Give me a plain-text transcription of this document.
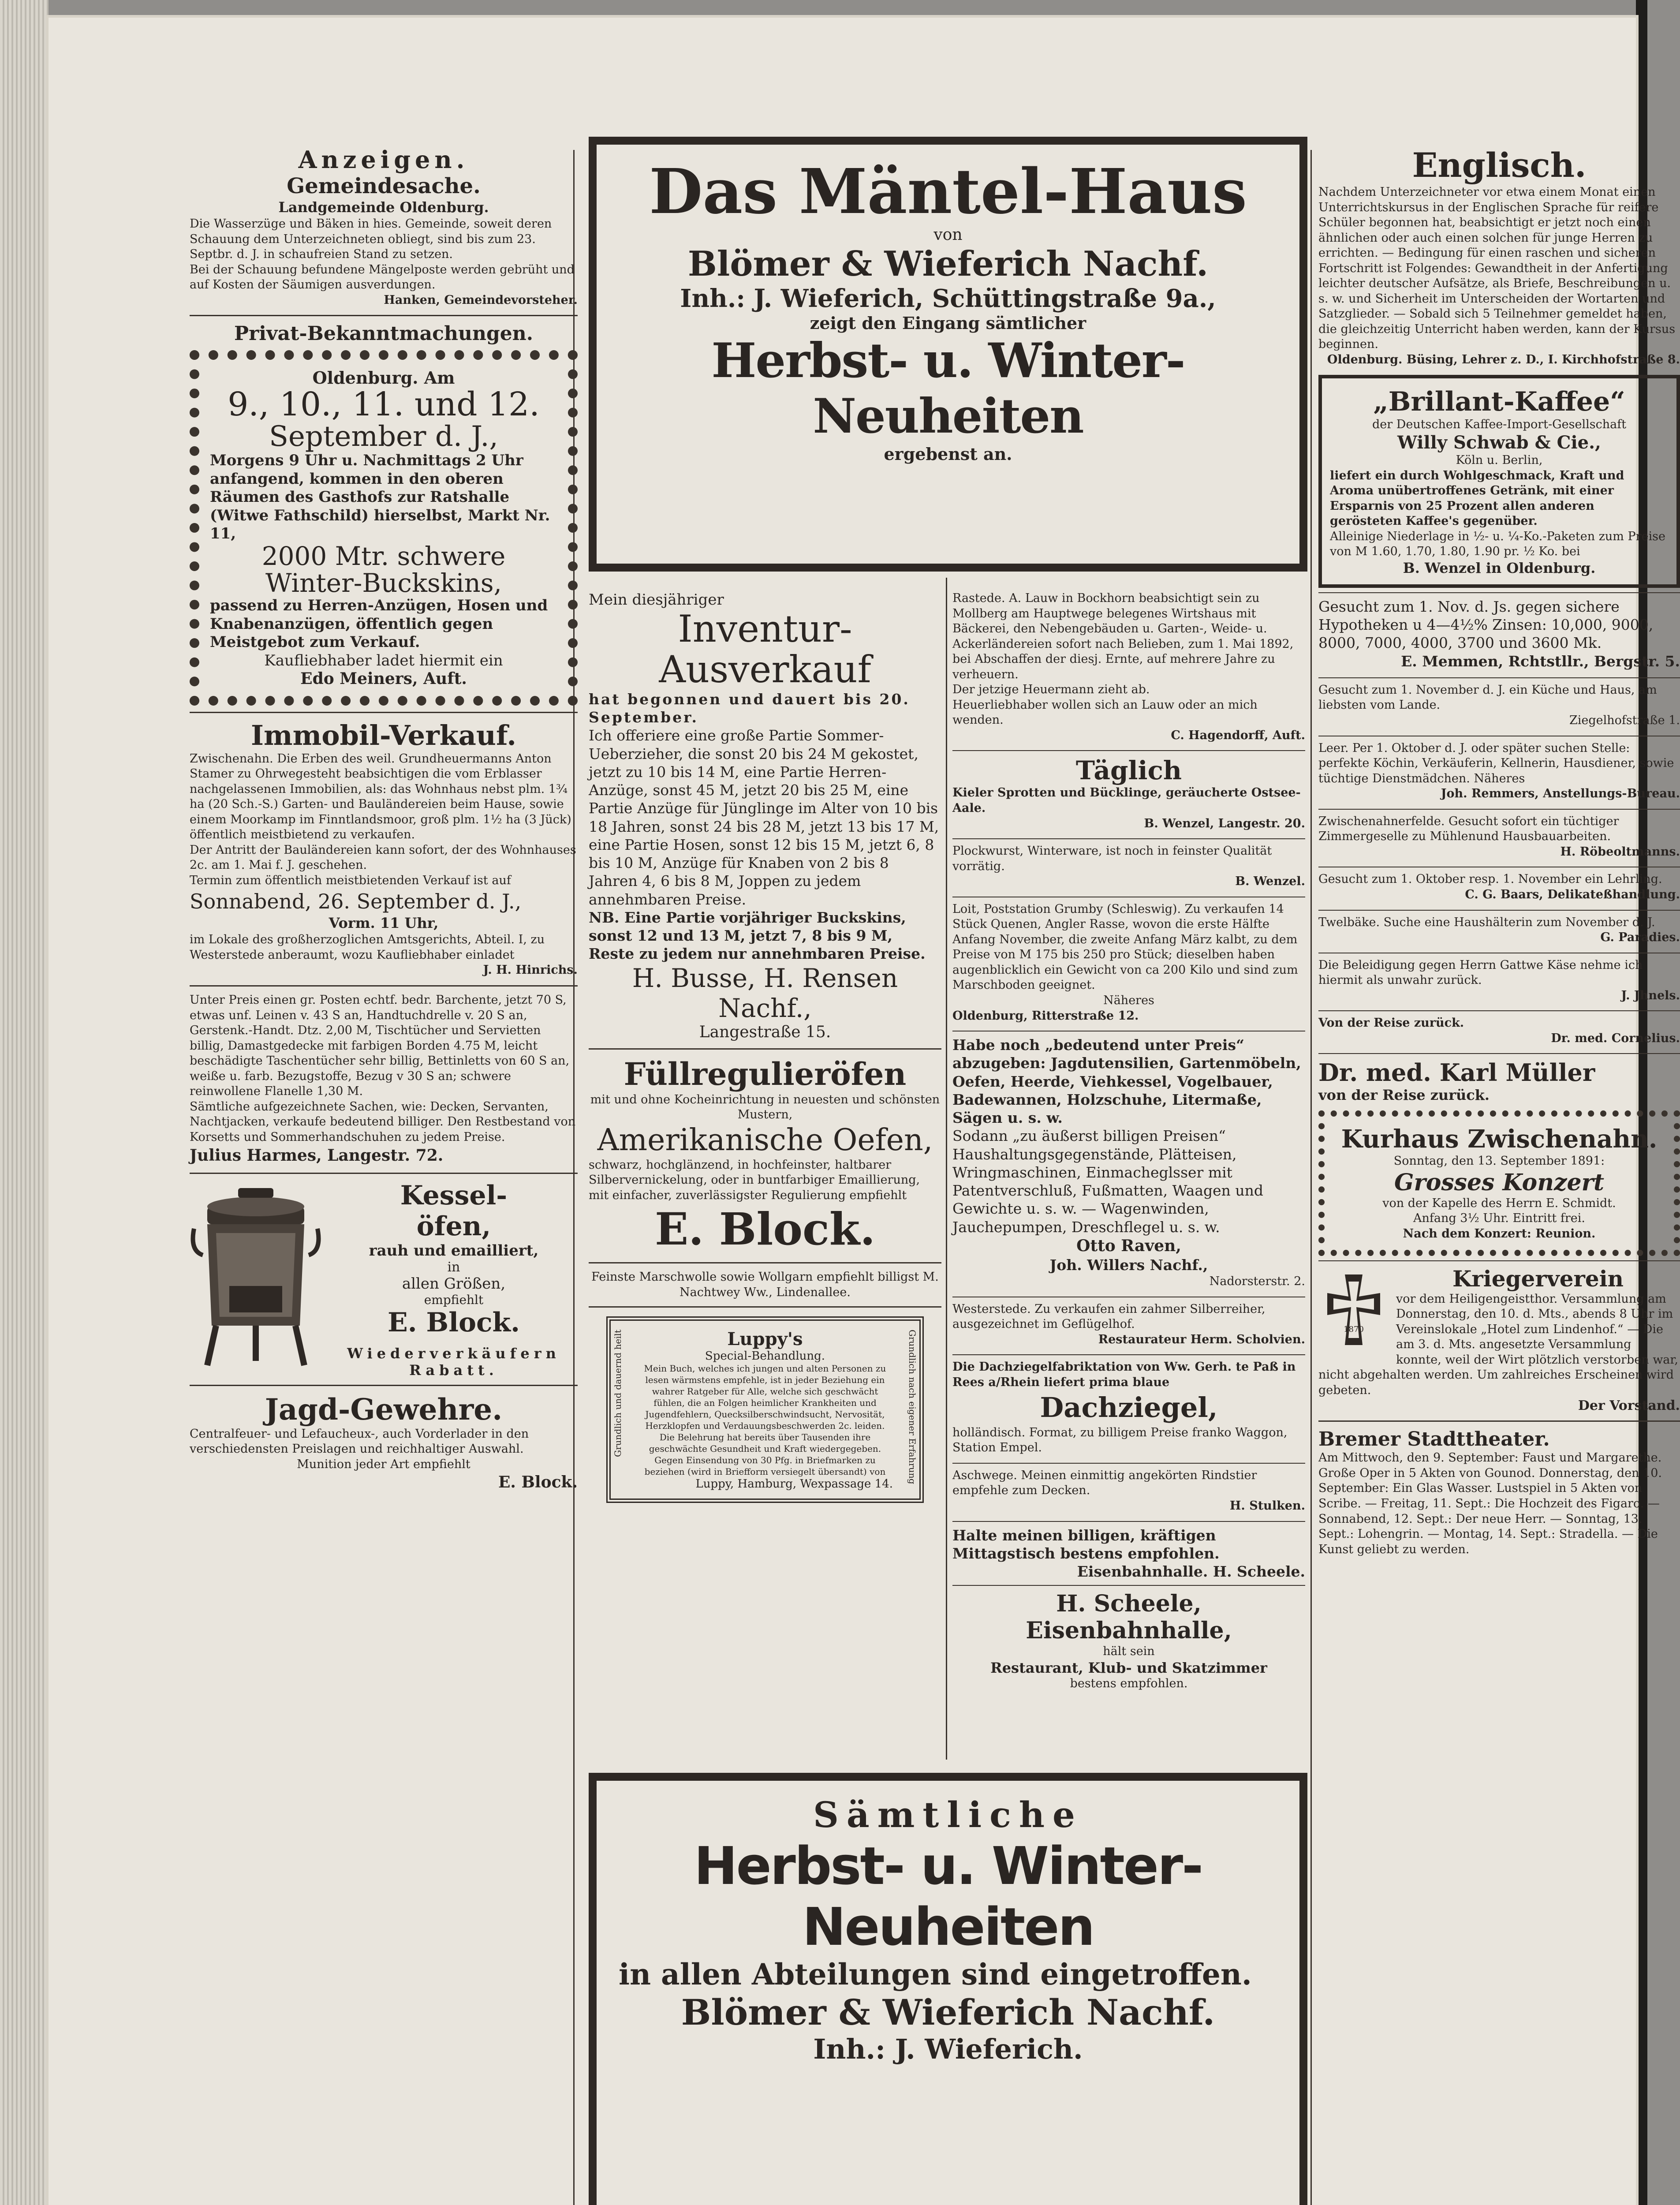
Anzeigen.
Gemeindesache.
Landgemeinde Oldenburg.
Die Wasserzüge und Bäken in hies. Gemeinde, soweit deren Schauung dem Unterzeichneten obliegt, sind bis zum 23. Septbr. d. J. in schaufreien Stand zu setzen.
Bei der Schauung befundene Mängelposte werden gebrüht und auf Kosten der Säumigen ausverdungen.
Hanken, Gemeindevorsteher.
Privat-Bekanntmachungen.
Oldenburg. Am
9., 10., 11. und 12.
September d. J.,
Morgens 9 Uhr u. Nachmittags 2 Uhr anfangend, kommen in den oberen Räumen des Gasthofs zur Ratshalle (Witwe Fathschild) hierselbst, Markt Nr. 11,
2000 Mtr. schwere
Winter-Buckskins,
passend zu Herren-Anzügen, Hosen und Knabenanzügen, öffentlich gegen Meistgebot zum Verkauf.
Kaufliebhaber ladet hiermit ein
Edo Meiners, Auft.
Immobil-Verkauf.
Zwischenahn. Die Erben des weil. Grundheuermanns Anton Stamer zu Ohrwegesteht beabsichtigen die vom Erblasser nachgelassenen Immobilien, als: das Wohnhaus nebst plm. 1¾ ha (20 Sch.-S.) Garten- und Bauländereien beim Hause, sowie einem Moorkamp im Finntlandsmoor, groß plm. 1½ ha (3 Jück) öffentlich meistbietend zu verkaufen.
Der Antritt der Bauländereien kann sofort, der des Wohnhauses 2c. am 1. Mai f. J. geschehen.
Termin zum öffentlich meistbietenden Verkauf ist auf
Sonnabend, 26. September d. J.,
Vorm. 11 Uhr,
im Lokale des großherzoglichen Amtsgerichts, Abteil. I, zu Westerstede anberaumt, wozu Kaufliebhaber einladet
J. H. Hinrichs.
Unter Preis einen gr. Posten echtf. bedr. Barchente, jetzt 70 S, etwas unf. Leinen v. 43 S an, Handtuchdrelle v. 20 S an, Gerstenk.-Handt. Dtz. 2,00 M, Tischtücher und Servietten billig, Damastgedecke mit farbigen Borden 4.75 M, leicht beschädigte Taschentücher sehr billig, Bettinletts von 60 S an, weiße u. farb. Bezugstoffe, Bezug v 30 S an; schwere reinwollene Flanelle 1,30 M.
Sämtliche aufgezeichnete Sachen, wie: Decken, Servanten, Nachtjacken, verkaufe bedeutend billiger. Den Restbestand von Korsetts und Sommerhandschuhen zu jedem Preise.
Julius Harmes, Langestr. 72.
Kessel-
öfen,
rauh und emailliert,
in
allen Größen,
empfiehlt
E. Block.
Wiederverkäufern Rabatt.
Jagd-Gewehre.
Centralfeuer- und Lefaucheux-, auch Vorderlader in den verschiedensten Preislagen und reichhaltiger Auswahl.
Munition jeder Art empfiehlt
E. Block.
Das Mäntel-Haus
von
Blömer & Wieferich Nachf.
Inh.: J. Wieferich, Schüttingstraße 9a.,
zeigt den Eingang sämtlicher
Herbst- u. Winter-Neuheiten
ergebenst an.
Mein diesjähriger
Inventur-Ausverkauf
hat begonnen und dauert bis 20. September.
Ich offeriere eine große Partie Sommer-Ueberzieher, die sonst 20 bis 24 M gekostet, jetzt zu 10 bis 14 M, eine Partie Herren-Anzüge, sonst 45 M, jetzt 20 bis 25 M, eine Partie Anzüge für Jünglinge im Alter von 10 bis 18 Jahren, sonst 24 bis 28 M, jetzt 13 bis 17 M, eine Partie Hosen, sonst 12 bis 15 M, jetzt 6, 8 bis 10 M, Anzüge für Knaben von 2 bis 8 Jahren 4, 6 bis 8 M, Joppen zu jedem annehmbaren Preise.
NB. Eine Partie vorjähriger Buckskins, sonst 12 und 13 M, jetzt 7, 8 bis 9 M, Reste zu jedem nur annehmbaren Preise.
H. Busse, H. Rensen Nachf.,
Langestraße 15.
Füllregulieröfen
mit und ohne Kocheinrichtung in neuesten und schönsten Mustern,
Amerikanische Oefen,
schwarz, hochglänzend, in hochfeinster, haltbarer Silbervernickelung, oder in buntfarbiger Emaillierung, mit einfacher, zuverlässigster Regulierung empfiehlt
E. Block.
Feinste Marschwolle sowie Wollgarn empfiehlt billigst M. Nachtwey Ww., Lindenallee.
Grundlich und dauernd heilt	Grundlich nach eigener Erfahrung
Luppy's
Special-Behandlung.
Mein Buch, welches ich jungen und alten Personen zu lesen wärmstens empfehle, ist in jeder Beziehung ein wahrer Ratgeber für Alle, welche sich geschwächt fühlen, die an Folgen heimlicher Krankheiten und Jugendfehlern, Quecksilberschwindsucht, Nervosität, Herzklopfen und Verdauungsbeschwerden 2c. leiden. Die Belehrung hat bereits über Tausenden ihre geschwächte Gesundheit und Kraft wiedergegeben.
Gegen Einsendung von 30 Pfg. in Briefmarken zu beziehen (wird in Briefform versiegelt übersandt) von
Luppy, Hamburg, Wexpassage 14.
Rastede. A. Lauw in Bockhorn beabsichtigt sein zu Mollberg am Hauptwege belegenes Wirtshaus mit Bäckerei, den Nebengebäuden u. Garten-, Weide- u. Ackerländereien sofort nach Belieben, zum 1. Mai 1892, bei Abschaffen der diesj. Ernte, auf mehrere Jahre zu verheuern.
Der jetzige Heuermann zieht ab.
Heuerliebhaber wollen sich an Lauw oder an mich wenden.
C. Hagendorff, Auft.
Täglich
Kieler Sprotten und Bücklinge, geräucherte Ostsee-Aale.
B. Wenzel, Langestr. 20.
Plockwurst, Winterware, ist noch in feinster Qualität vorrätig.
B. Wenzel.
Loit, Poststation Grumby (Schleswig). Zu verkaufen 14 Stück Quenen, Angler Rasse, wovon die erste Hälfte Anfang November, die zweite Anfang März kalbt, zu dem Preise von M 175 bis 250 pro Stück; dieselben haben augenblicklich ein Gewicht von ca 200 Kilo und sind zum Marschboden geeignet.
Näheres
Oldenburg, Ritterstraße 12.
Habe noch „bedeutend unter Preis“ abzugeben: Jagdutensilien, Gartenmöbeln, Oefen, Heerde, Viehkessel, Vogelbauer, Badewannen, Holzschuhe, Litermaße, Sägen u. s. w.
Sodann „zu äußerst billigen Preisen“ Haushaltungsgegenstände, Plätteisen, Wringmaschinen, Einmacheglsser mit Patentverschluß, Fußmatten, Waagen und Gewichte u. s. w. — Wagenwinden, Jauchepumpen, Dreschflegel u. s. w.
Otto Raven,
Joh. Willers Nachf.,
Nadorsterstr. 2.
Westerstede. Zu verkaufen ein zahmer Silberreiher, ausgezeichnet im Geflügelhof.
Restaurateur Herm. Scholvien.
Die Dachziegelfabriktation von Ww. Gerh. te Paß in Rees a/Rhein liefert prima blaue
Dachziegel,
holländisch. Format, zu billigem Preise franko Waggon, Station Empel.
Aschwege. Meinen einmittig angekörten Rindstier empfehle zum Decken.
H. Stulken.
Halte meinen billigen, kräftigen Mittagstisch bestens empfohlen.
Eisenbahnhalle. H. Scheele.
H. Scheele, Eisenbahnhalle,
hält sein
Restaurant, Klub- und Skatzimmer
bestens empfohlen.
Sämtliche
Herbst- u. Winter-Neuheiten
in allen Abteilungen sind eingetroffen.
Blömer & Wieferich Nachf.
Inh.: J. Wieferich.
Englisch.
Nachdem Unterzeichneter vor etwa einem Monat einen Unterrichtskursus in der Englischen Sprache für reifere Schüler begonnen hat, beabsichtigt er jetzt noch einen ähnlichen oder auch einen solchen für junge Herren zu errichten. — Bedingung für einen raschen und sicheren Fortschritt ist Folgendes: Gewandtheit in der Anfertigung leichter deutscher Aufsätze, als Briefe, Beschreibungen u. s. w. und Sicherheit im Unterscheiden der Wortarten und Satzglieder. — Sobald sich 5 Teilnehmer gemeldet haben, die gleichzeitig Unterricht haben werden, kann der Kursus beginnen.
Oldenburg. Büsing, Lehrer z. D., I. Kirchhofstraße 8.
„Brillant-Kaffee“
der Deutschen Kaffee-Import-Gesellschaft
Willy Schwab & Cie.,
Köln u. Berlin,
liefert ein durch Wohlgeschmack, Kraft und Aroma unübertroffenes Getränk, mit einer Ersparnis von 25 Prozent allen anderen gerösteten Kaffee's gegenüber.
Alleinige Niederlage in ½- u. ¼-Ko.-Paketen zum Preise von M 1.60, 1.70, 1.80, 1.90 pr. ½ Ko. bei
B. Wenzel in Oldenburg.
Gesucht zum 1. Nov. d. Js. gegen sichere Hypotheken u 4—4½% Zinsen: 10,000, 9000, 8000, 7000, 4000, 3700 und 3600 Mk.
E. Memmen, Rchtstllr., Bergstr. 5.
Gesucht zum 1. November d. J. ein Küche und Haus, am liebsten vom Lande.
Ziegelhofstraße 1.
Leer. Per 1. Oktober d. J. oder später suchen Stelle: perfekte Köchin, Verkäuferin, Kellnerin, Hausdiener, sowie tüchtige Dienstmädchen. Näheres
Joh. Remmers, Anstellungs-Bureau.
Zwischenahnerfelde. Gesucht sofort ein tüchtiger Zimmergeselle zu Mühlenund Hausbauarbeiten.
H. Röbeoltmanns.
Gesucht zum 1. Oktober resp. 1. November ein Lehrling.
C. G. Baars, Delikateßhandlung.
Twelbäke. Suche eine Haushälterin zum November d. J.
G. Paradies.
Die Beleidigung gegen Herrn Gattwe Käse nehme ich hiermit als unwahr zurück.
J. Jhnels.
Von der Reise zurück.
Dr. med. Cornelius.
Dr. med. Karl Müller
von der Reise zurück.
Kurhaus Zwischenahn.
Sonntag, den 13. September 1891:
Grosses Konzert
von der Kapelle des Herrn E. Schmidt.
Anfang 3½ Uhr. Eintritt frei.
Nach dem Konzert: Reunion.
1870
Kriegerverein
vor dem Heiligengeistthor. Versammlung am Donnerstag, den 10. d. Mts., abends 8 Uhr im Vereinslokale „Hotel zum Lindenhof.“ — Die am 3. d. Mts. angesetzte Versammlung konnte, weil der Wirt plötzlich verstorben war, nicht abgehalten werden. Um zahlreiches Erscheinen wird gebeten.
Der Vorstand.
Bremer Stadttheater.
Am Mittwoch, den 9. September: Faust und Margarethe. Große Oper in 5 Akten von Gounod. Donnerstag, den 10. September: Ein Glas Wasser. Lustspiel in 5 Akten von Scribe. — Freitag, 11. Sept.: Die Hochzeit des Figaro. — Sonnabend, 12. Sept.: Der neue Herr. — Sonntag, 13. Sept.: Lohengrin. — Montag, 14. Sept.: Stradella. — Die Kunst geliebt zu werden.
